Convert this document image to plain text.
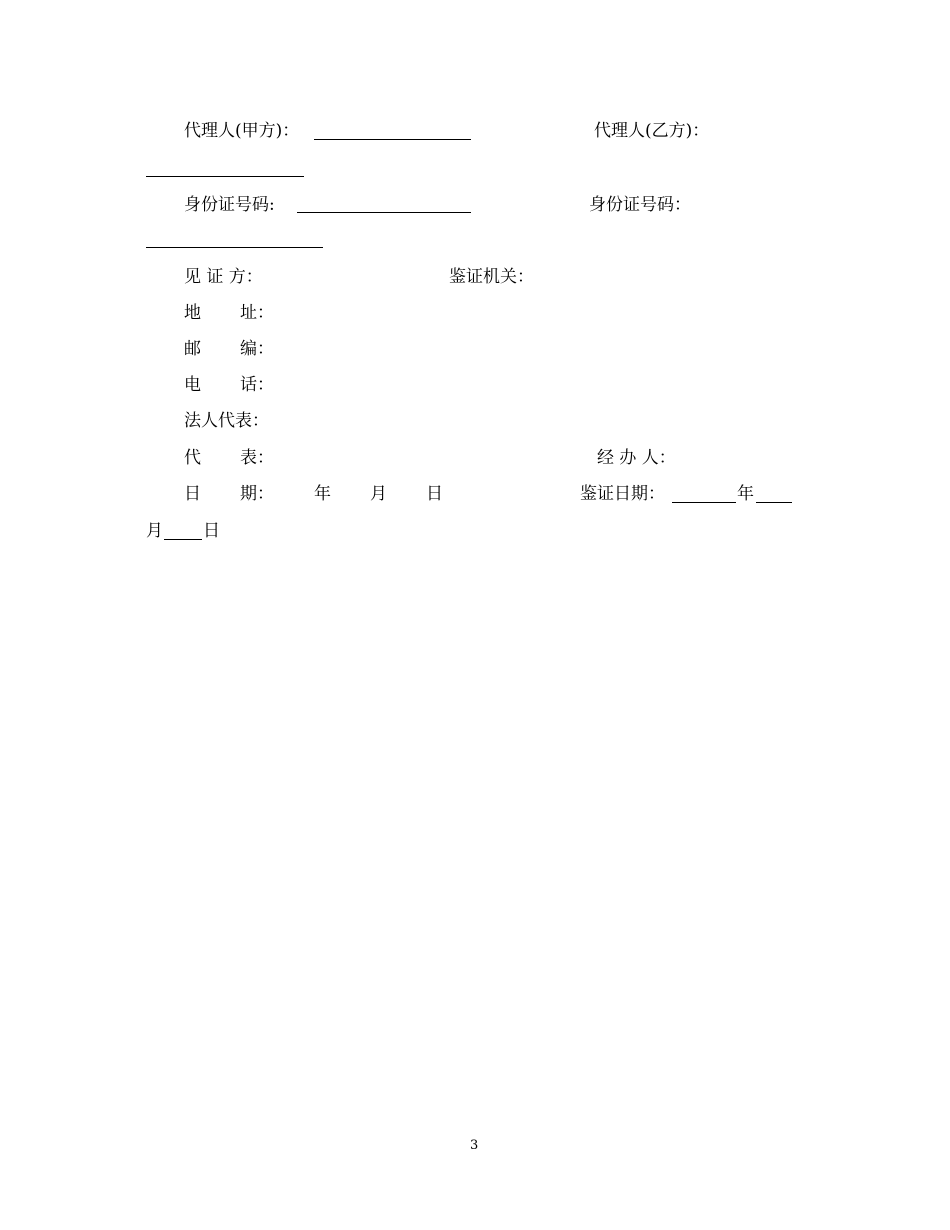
代理人(甲方)：	代理人(乙方)：
身份证号码:	身份证号码：
见 证 方：	鉴证机关：
地 址：
邮 编：
电 话：
法人代表：
代 表：	经 办 人：
日 期： 年 月 日	鉴证日期：	年
月 日
3
